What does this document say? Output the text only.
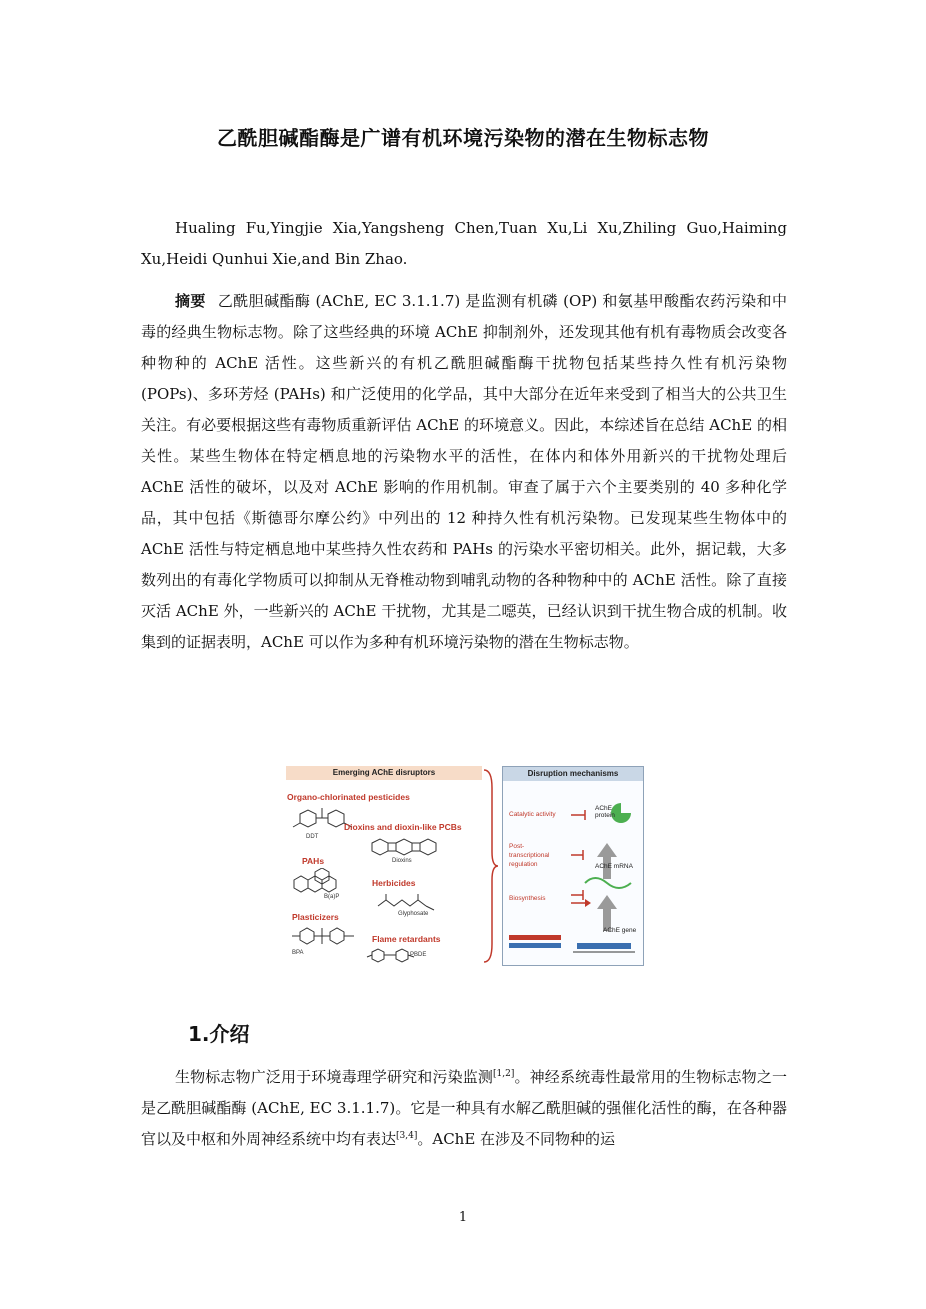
乙酰胆碱酯酶是广谱有机环境污染物的潜在生物标志物
Hualing Fu,Yingjie Xia,Yangsheng Chen,Tuan Xu,Li Xu,Zhiling Guo,Haiming Xu,Heidi Qunhui Xie,and Bin Zhao.
摘要 乙酰胆碱酯酶 (AChE, EC 3.1.1.7) 是监测有机磷 (OP) 和氨基甲酸酯农药污染和中毒的经典生物标志物。除了这些经典的环境 AChE 抑制剂外，还发现其他有机有毒物质会改变各种物种的 AChE 活性。这些新兴的有机乙酰胆碱酯酶干扰物包括某些持久性有机污染物 (POPs)、多环芳烃 (PAHs) 和广泛使用的化学品，其中大部分在近年来受到了相当大的公共卫生关注。有必要根据这些有毒物质重新评估 AChE 的环境意义。因此，本综述旨在总结 AChE 的相关性。某些生物体在特定栖息地的污染物水平的活性，在体内和体外用新兴的干扰物处理后 AChE 活性的破坏，以及对 AChE 影响的作用机制。审查了属于六个主要类别的 40 多种化学品，其中包括《斯德哥尔摩公约》中列出的 12 种持久性有机污染物。已发现某些生物体中的 AChE 活性与特定栖息地中某些持久性农药和 PAHs 的污染水平密切相关。此外，据记载，大多数列出的有毒化学物质可以抑制从无脊椎动物到哺乳动物的各种物种中的 AChE 活性。除了直接灭活 AChE 外，一些新兴的 AChE 干扰物，尤其是二噁英，已经认识到干扰生物合成的机制。收集到的证据表明，AChE 可以作为多种有机环境污染物的潜在生物标志物。
Emerging AChE disruptors
Organo-chlorinated pesticides
DDT
Dioxins and dioxin-like PCBs
Dioxins
PAHs
B(a)P
Herbicides
Glyphosate
Plasticizers
BPA
Flame retardants
PBDE
Disruption mechanisms
Catalytic activity
Post-
transcriptional
regulation
Biosynthesis
AChE
protein
AChE mRNA
AChE gene
1.介绍
生物标志物广泛用于环境毒理学研究和污染监测[1,2]。神经系统毒性最常用的生物标志物之一是乙酰胆碱酯酶 (AChE, EC 3.1.1.7)。它是一种具有水解乙酰胆碱的强催化活性的酶，在各种器官以及中枢和外周神经系统中均有表达[3,4]。AChE 在涉及不同物种的运
1
